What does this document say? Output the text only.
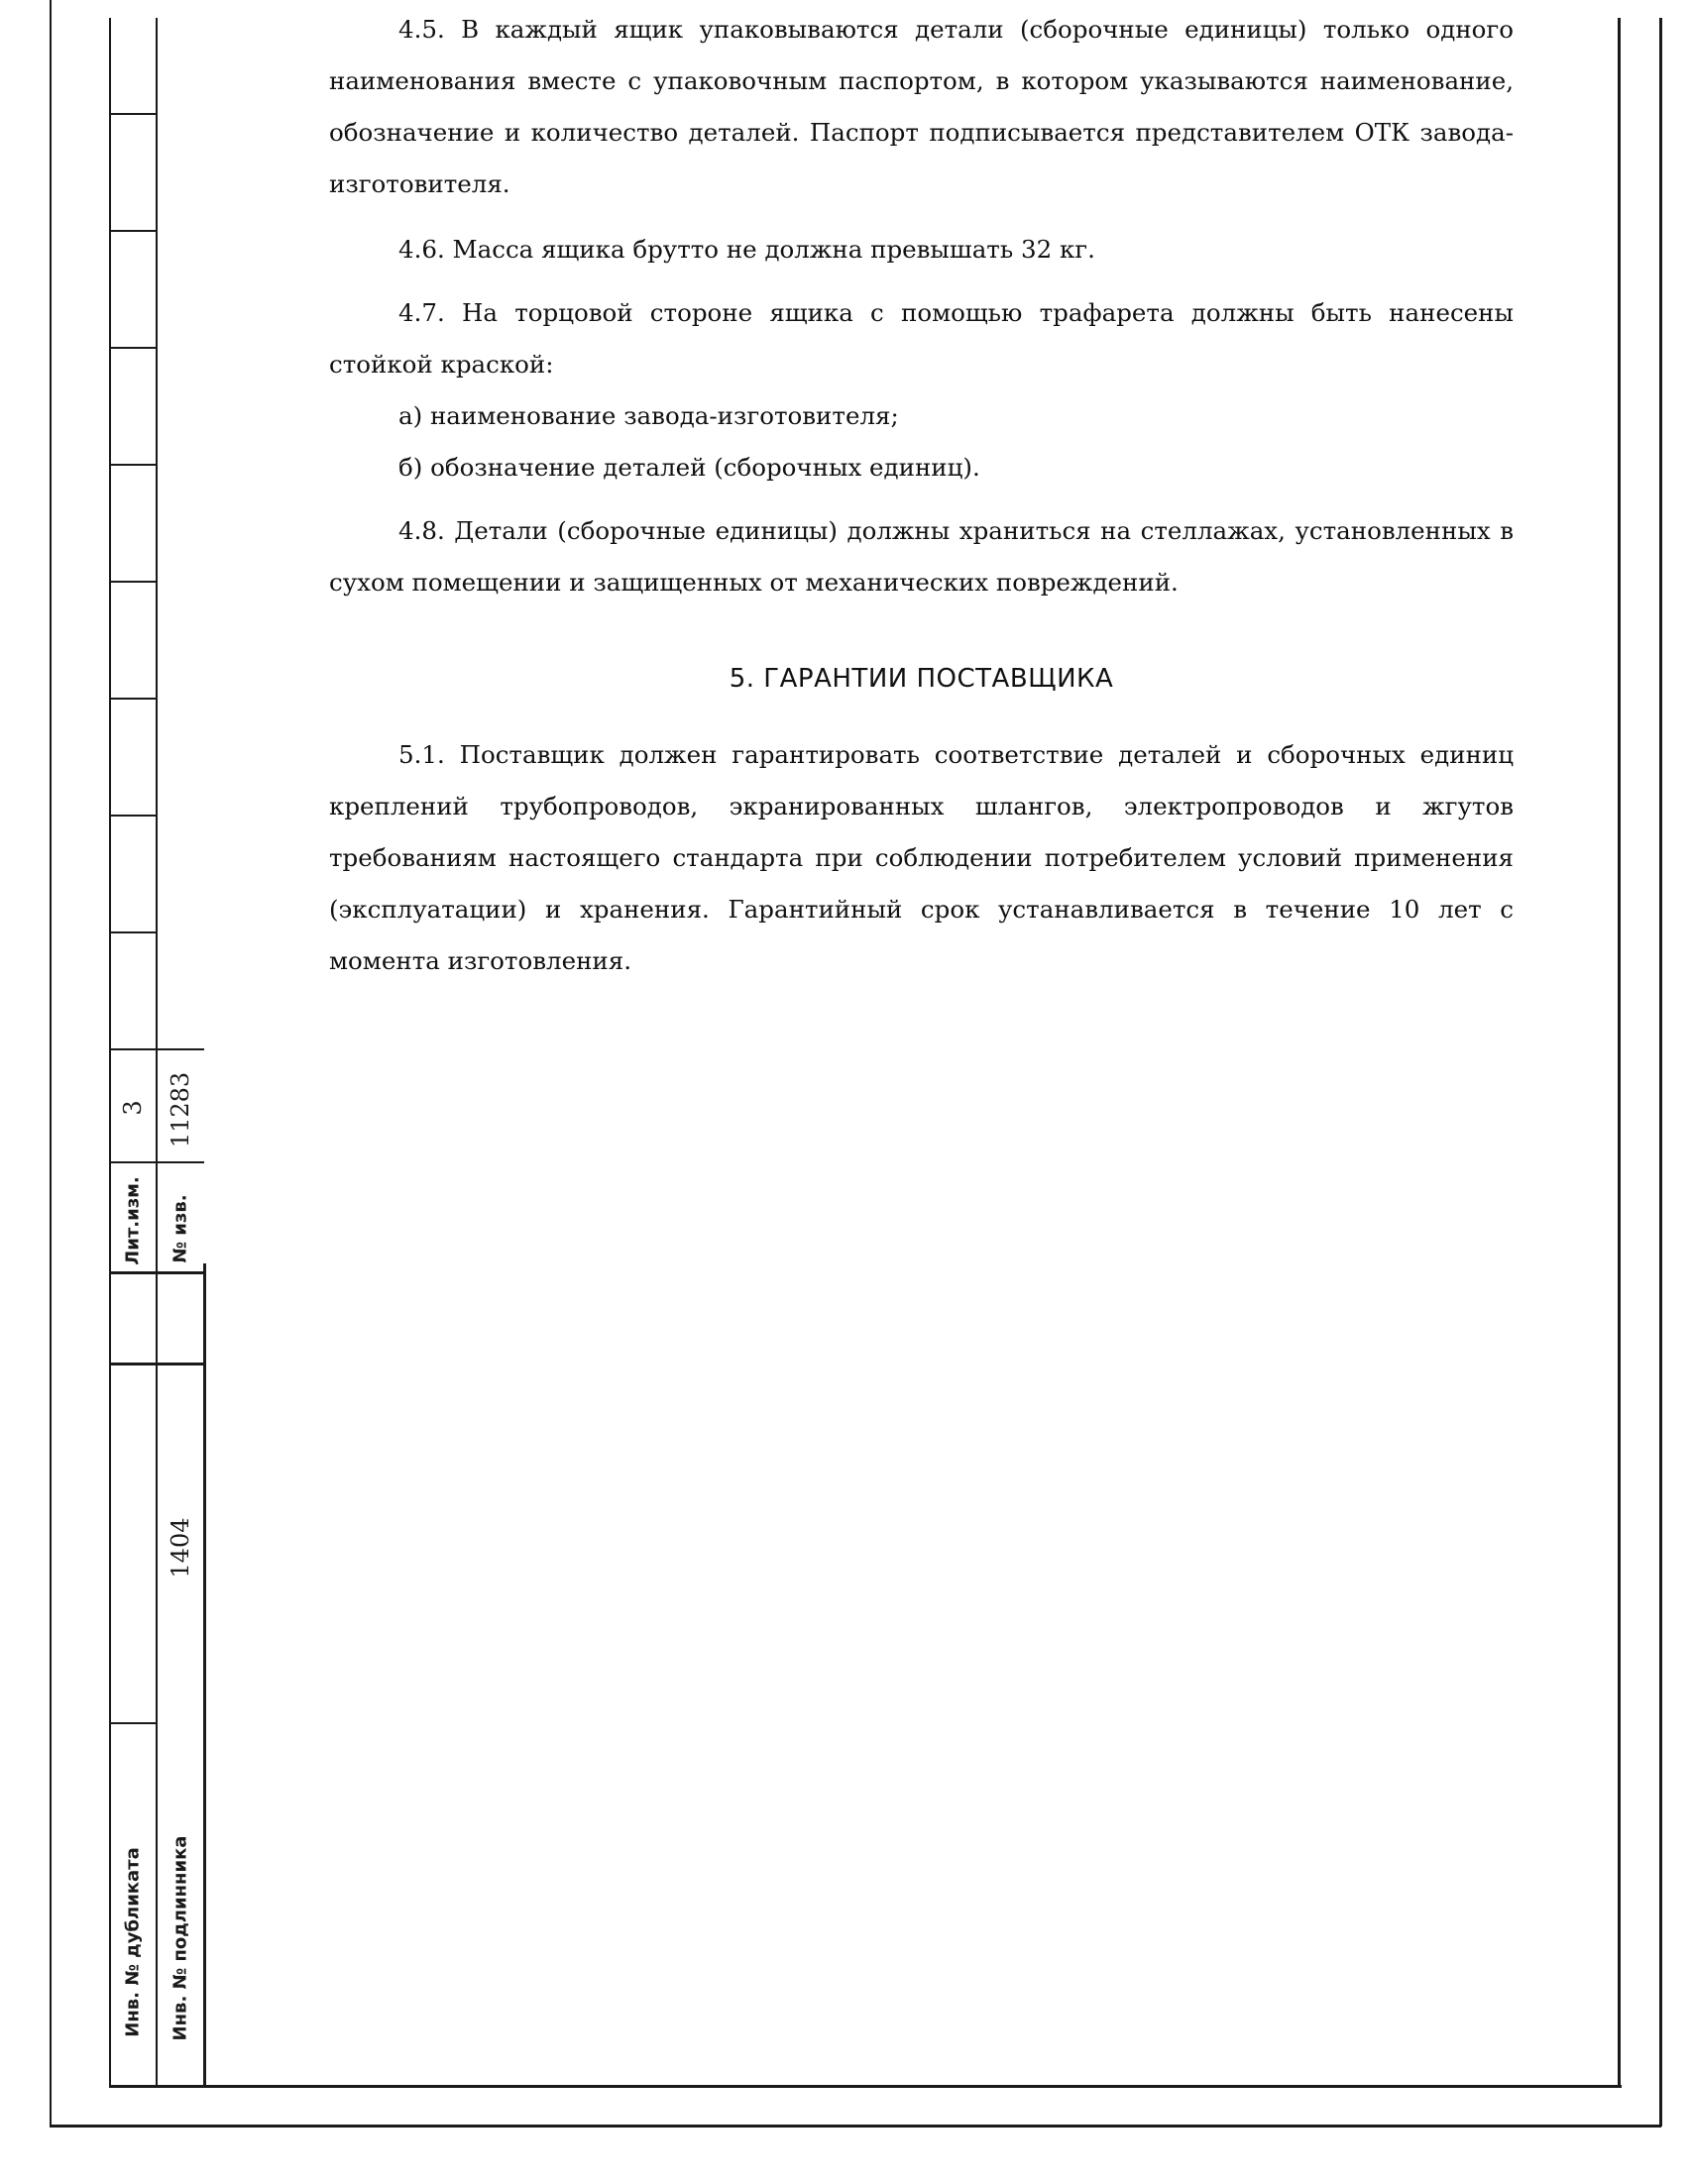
Лит.изм.
3
№ изв.
11283
Инв. № дубликата Инв. № подлинника
1404

4.5. В каждый ящик упаковываются детали (сборочные единицы) только одного наименования вместе с упаковочным паспортом, в котором указываются наименование, обозначение и количество деталей. Паспорт подписывается представителем ОТК завода-изготовителя.

4.6. Масса ящика брутто не должна превышать 32 кг.

4.7. На торцовой стороне ящика с помощью трафарета должны быть нанесены стойкой краской:

а) наименование завода-изготовителя;

б) обозначение деталей (сборочных единиц).

4.8. Детали (сборочные единицы) должны храниться на стеллажах, установленных в сухом помещении и защищенных от механических повреждений.

5. ГАРАНТИИ ПОСТАВЩИКА

5.1. Поставщик должен гарантировать соответствие деталей и сборочных единиц креплений трубопроводов, экранированных шлангов, электропроводов и жгутов требованиям настоящего стандарта при соблюдении потребителем условий применения (эксплуатации) и хранения. Гарантийный срок устанавливается в течение 10 лет с момента изготовления.
